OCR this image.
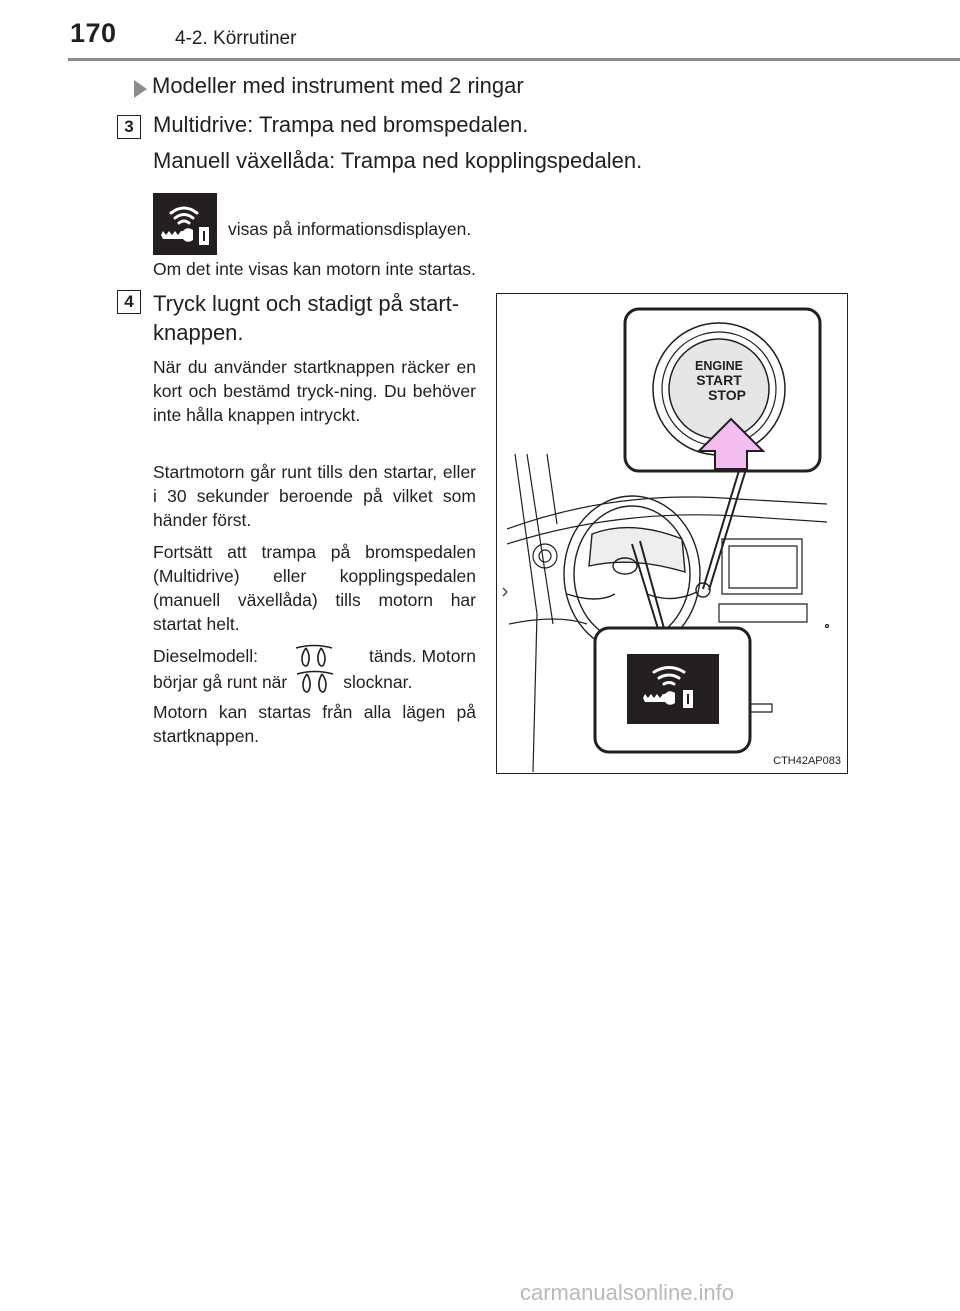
170	4-2. Körrutiner
Modeller med instrument med 2 ringar
3 Multidrive: Trampa ned bromspedalen.
Manuell växellåda: Trampa ned kopplingspedalen.
visas på informationsdisplayen.
Om det inte visas kan motorn inte startas.
4 Tryck lugnt och stadigt på start-
knappen.
När du använder startknappen räcker en kort och bestämd tryck-ning. Du behöver inte hålla knappen intryckt.
Startmotorn går runt tills den startar, eller i 30 sekunder beroende på vilket som händer först.
Fortsätt att trampa på bromspedalen (Multidrive) eller kopplingspedalen (manuell växellåda) tills motorn har startat helt.
Dieselmodell:	tänds. Motorn
börjar gå runt när	slocknar.
Motorn kan startas från alla lägen på startknappen.
ENGINE
START
STOP
CTH42AP083
carmanualsonline.info
